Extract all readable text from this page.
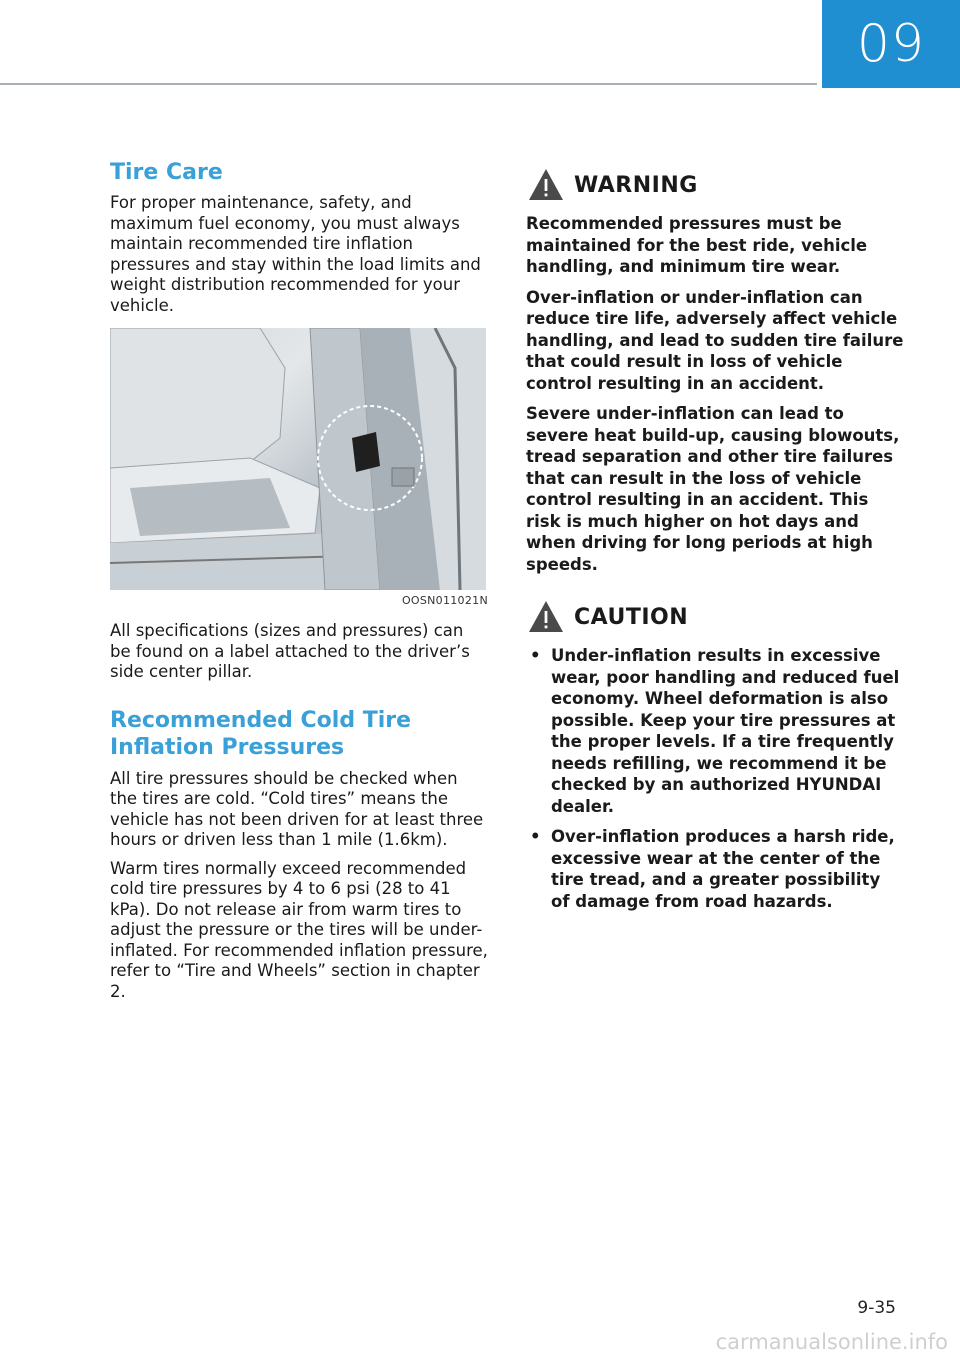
09
Tire Care

For proper maintenance, safety, and maximum fuel economy, you must always maintain recommended tire inflation pressures and stay within the load limits and weight distribution recommended for your vehicle.

OOSN011021N

All specifications (sizes and pressures) can be found on a label attached to the driver’s side center pillar.

Recommended Cold Tire Inflation Pressures

All tire pressures should be checked when the tires are cold. “Cold tires” means the vehicle has not been driven for at least three hours or driven less than 1 mile (1.6km).

Warm tires normally exceed recommended cold tire pressures by 4 to 6 psi (28 to 41 kPa). Do not release air from warm tires to adjust the pressure or the tires will be under-inflated. For recommended inflation pressure, refer to “Tire and Wheels” section in chapter 2.

WARNING

Recommended pressures must be maintained for the best ride, vehicle handling, and minimum tire wear.

Over-inflation or under-inflation can reduce tire life, adversely affect vehicle handling, and lead to sudden tire failure that could result in loss of vehicle control resulting in an accident.

Severe under-inflation can lead to severe heat build-up, causing blowouts, tread separation and other tire failures that can result in the loss of vehicle control resulting in an accident. This risk is much higher on hot days and when driving for long periods at high speeds.

CAUTION
• Under-inflation results in excessive wear, poor handling and reduced fuel economy. Wheel deformation is also possible. Keep your tire pressures at the proper levels. If a tire frequently needs refilling, we recommend it be checked by an authorized HYUNDAI dealer.
• Over-inflation produces a harsh ride, excessive wear at the center of the tire tread, and a greater possibility of damage from road hazards.
9-35
carmanualsonline.info
